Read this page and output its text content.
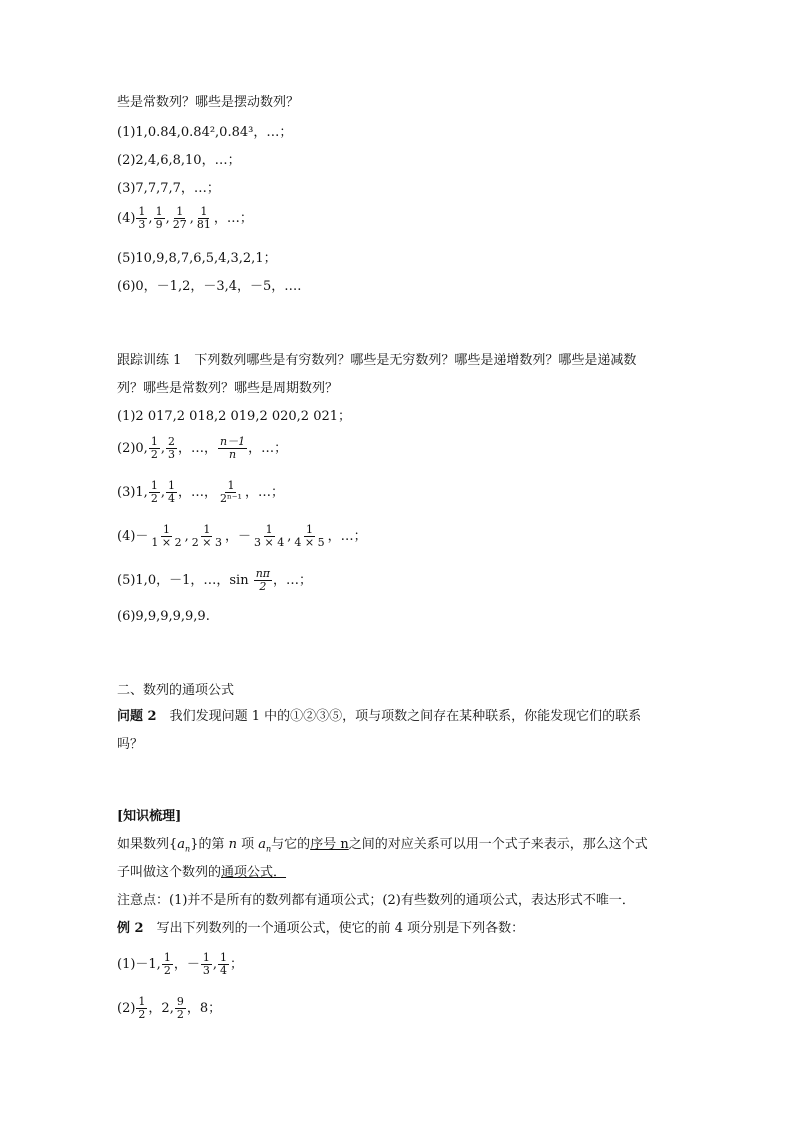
些是常数列？哪些是摆动数列？
(1)1,0.84,0.84²,0.84³，…；
(2)2,4,6,8,10，…；
(3)7,7,7,7，…；
$(4) \frac{1}{3}$ , $\frac{1}{9}$ , $\frac{1}{27}$ , $\frac{1}{81}$ ，…；
(5)10,9,8,7,6,5,4,3,2,1；
(6)0，－1,2，－3,4，－5，….
跟踪训练 1　下列数列哪些是有穷数列？哪些是无穷数列？哪些是递增数列？哪些是递减数
列？哪些是常数列？哪些是周期数列？
(1)2 017,2 018,2 019,2 020,2 021；
(2)0, $\frac{1}{2}$ , $\frac{2}{3}$ ，…， $\frac{n-1}{n}$ ，…；
(3)1, $\frac{1}{2}$ , $\frac{1}{4}$ ，…， $\frac{1}{\text{2ⁿ⁻¹}}$ ，…；
$(4)- \frac{1}{1 \times 2}$ , $\frac{1}{2 \times 3}$ ，－ $\frac{1}{3 \times 4}$ , $\frac{1}{4 \times 5}$ ，…；
(5)1,0，－1，…，$\sin \frac{n\pi}{2}$ ，…；
(6)9,9,9,9,9,9.
二、数列的通项公式
问题 2　我们发现问题 1 中的①②③⑤，项与项数之间存在某种联系，你能发现它们的联系
吗？
[知识梳理]
如果数列$\{a_n\}$的第 n 项 $a_n$与它的序号 n之间的对应关系可以用一个式子来表示，那么这个式
子叫做这个数列的通项公式．
注意点：(1)并不是所有的数列都有通项公式；(2)有些数列的通项公式，表达形式不唯一．
例 2　写出下列数列的一个通项公式，使它的前 4 项分别是下列各数：
(1)－1, $\frac{1}{2}$ ，－ $\frac{1}{3}$ , $\frac{1}{4}$ ；
$(2) \frac{1}{2}$ ，2, $\frac{9}{2}$ ，8；
